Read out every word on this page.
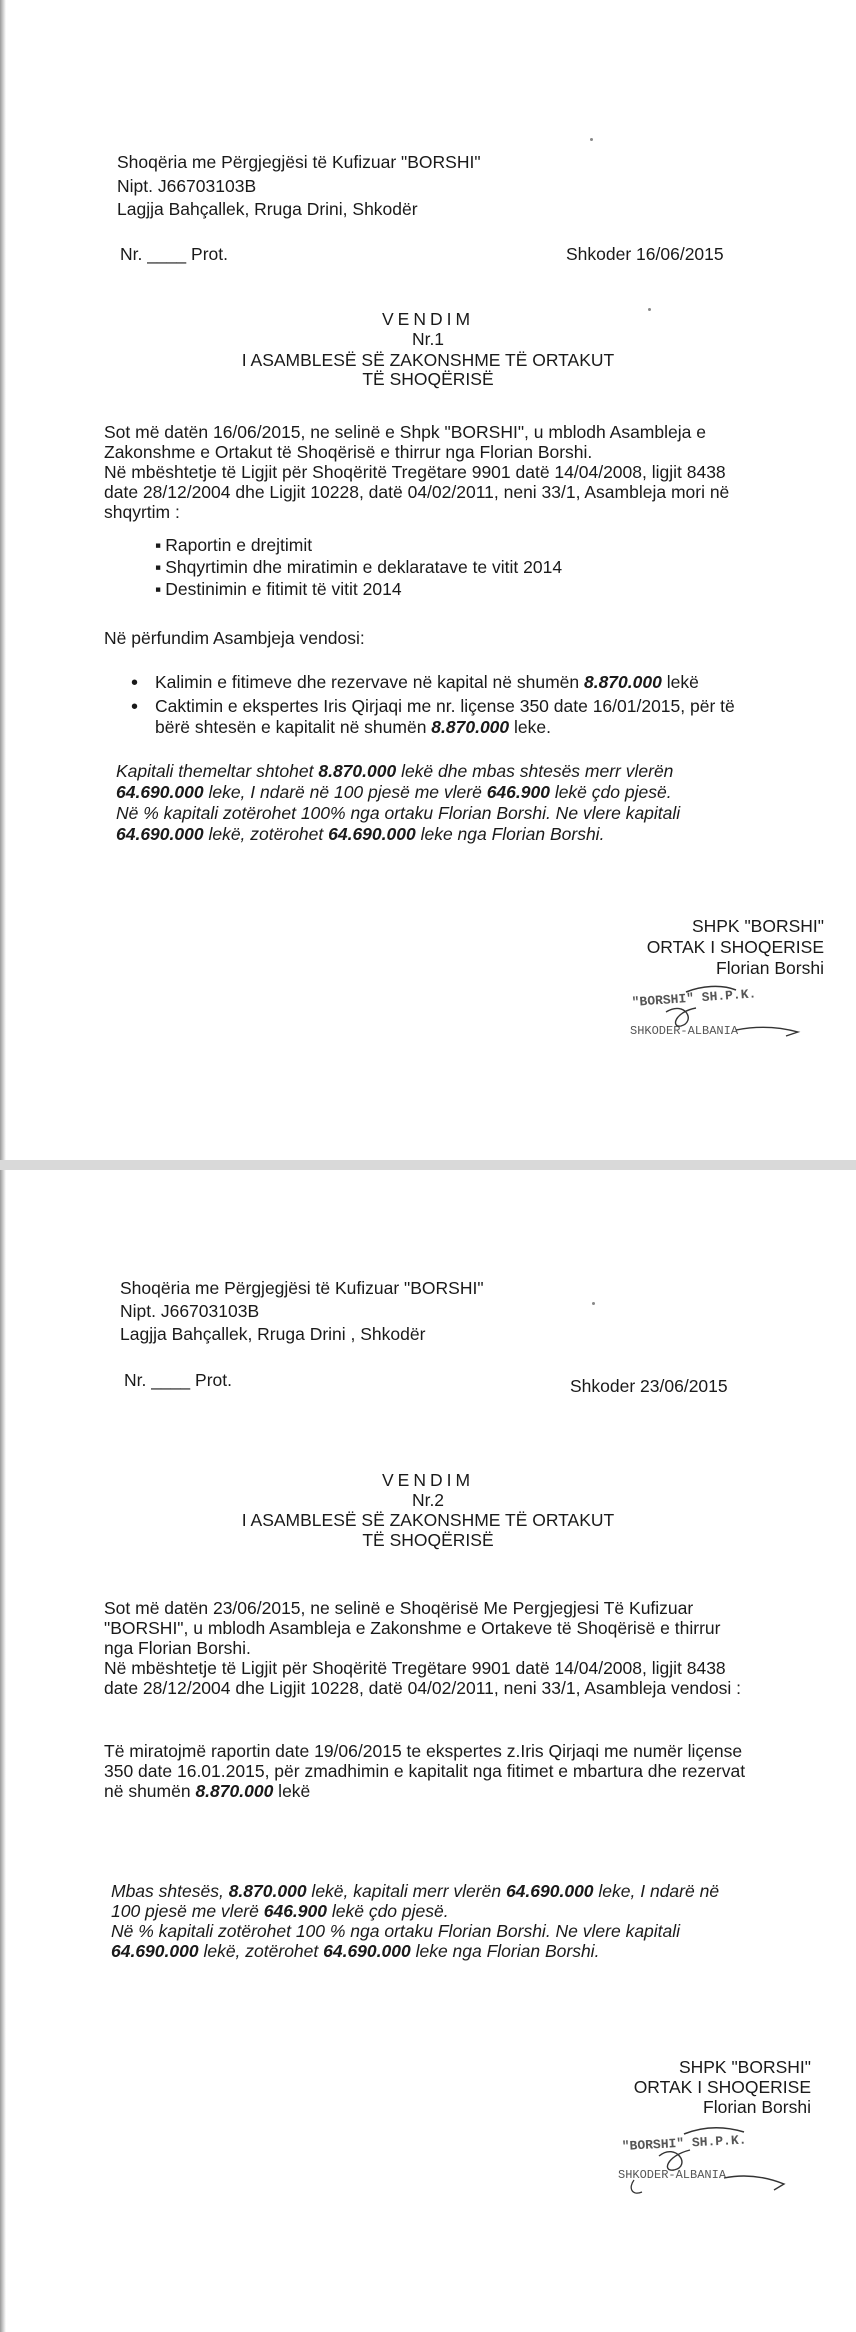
Shoqëria me Përgjegjësi të Kufizuar "BORSHI"
Nipt. J66703103B
Lagjja Bahçallek, Rruga Drini, Shkodër
Nr. ____ Prot.	Shkoder 16/06/2015
VENDIM
Nr.1
I ASAMBLESË SË ZAKONSHME TË ORTAKUT
TË SHOQËRISË
Sot më datën 16/06/2015, ne selinë e Shpk "BORSHI", u mblodh Asambleja e
Zakonshme e Ortakut të Shoqërisë e thirrur nga Florian Borshi.
Në mbështetje të Ligjit për Shoqëritë Tregëtare 9901 datë 14/04/2008, ligjit 8438
date 28/12/2004 dhe Ligjit 10228, datë 04/02/2011, neni 33/1, Asambleja mori në
shqyrtim :
▪ Raportin e drejtimit
▪ Shqyrtimin dhe miratimin e deklaratave te vitit 2014
▪ Destinimin e fitimit të vitit 2014
Në përfundim Asambjeja vendosi:
• Kalimin e fitimeve dhe rezervave në kapital në shumën 8.870.000 lekë
• Caktimin e ekspertes Iris Qirjaqi me nr. liçense 350 date 16/01/2015, për të
bërë shtesën e kapitalit në shumën 8.870.000 leke.
Kapitali themeltar shtohet 8.870.000 lekë dhe mbas shtesës merr vlerën
64.690.000 leke, I ndarë në 100 pjesë me vlerë 646.900 lekë çdo pjesë.
Në % kapitali zotërohet 100% nga ortaku Florian Borshi. Ne vlere kapitali
64.690.000 lekë, zotërohet 64.690.000 leke nga Florian Borshi.
SHPK "BORSHI"
ORTAK I SHOQERISE
Florian Borshi
"BORSHI" SH.P.K.
SHKODER-ALBANIA
Shoqëria me Përgjegjësi të Kufizuar "BORSHI"
Nipt. J66703103B
Lagjja Bahçallek, Rruga Drini , Shkodër
Nr. ____ Prot.	Shkoder 23/06/2015
VENDIM
Nr.2
I ASAMBLESË SË ZAKONSHME TË ORTAKUT
TË SHOQËRISË
Sot më datën 23/06/2015, ne selinë e Shoqërisë Me Pergjegjesi Të Kufizuar
"BORSHI", u mblodh Asambleja e Zakonshme e Ortakeve të Shoqërisë e thirrur
nga Florian Borshi.
Në mbështetje të Ligjit për Shoqëritë Tregëtare 9901 datë 14/04/2008, ligjit 8438
date 28/12/2004 dhe Ligjit 10228, datë 04/02/2011, neni 33/1, Asambleja vendosi :
Të miratojmë raportin date 19/06/2015 te ekspertes z.Iris Qirjaqi me numër liçense
350 date 16.01.2015, për zmadhimin e kapitalit nga fitimet e mbartura dhe rezervat
në shumën 8.870.000 lekë
Mbas shtesës, 8.870.000 lekë, kapitali merr vlerën 64.690.000 leke, I ndarë në
100 pjesë me vlerë 646.900 lekë çdo pjesë.
Në % kapitali zotërohet 100 % nga ortaku Florian Borshi. Ne vlere kapitali
64.690.000 lekë, zotërohet 64.690.000 leke nga Florian Borshi.
SHPK "BORSHI"
ORTAK I SHOQERISE
Florian Borshi
"BORSHI" SH.P.K.
SHKODER-ALBANIA
